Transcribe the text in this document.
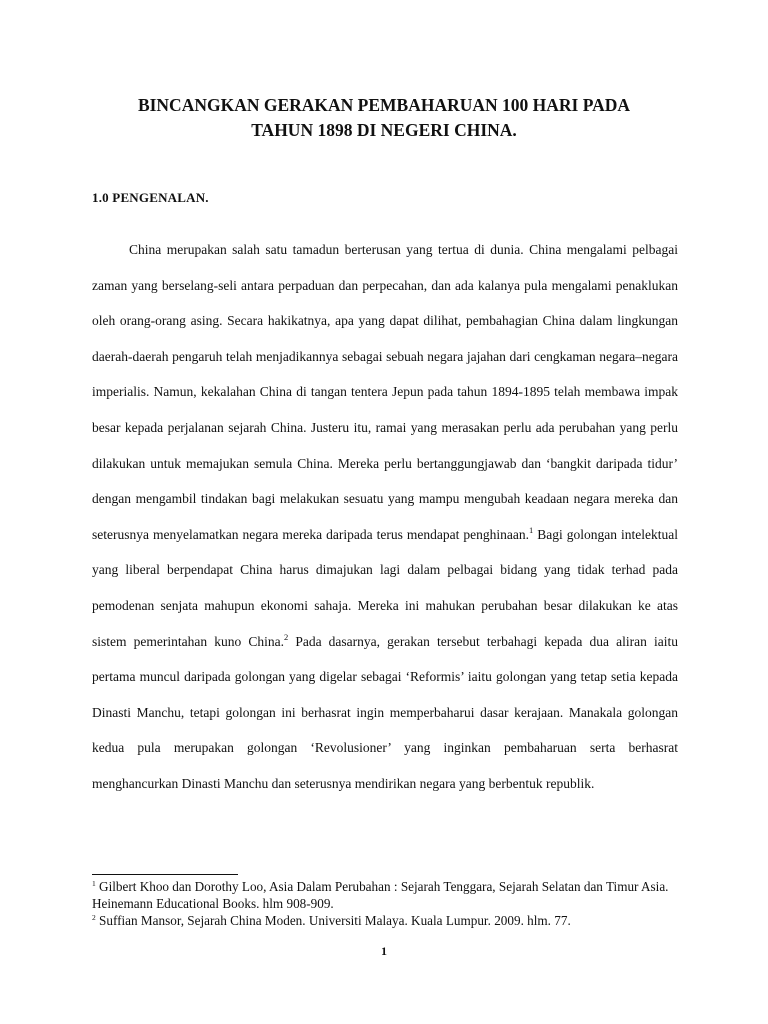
BINCANGKAN GERAKAN PEMBAHARUAN 100 HARI PADA
TAHUN 1898 DI NEGERI CHINA.
1.0 PENGENALAN.

China merupakan salah satu tamadun berterusan yang tertua di dunia. China mengalami pelbagai zaman yang berselang-seli antara perpaduan dan perpecahan, dan ada kalanya pula mengalami penaklukan oleh orang-orang asing. Secara hakikatnya, apa yang dapat dilihat, pembahagian China dalam lingkungan daerah-daerah pengaruh telah menjadikannya sebagai sebuah negara jajahan dari cengkaman negara–negara imperialis. Namun, kekalahan China di tangan tentera Jepun pada tahun 1894-1895 telah membawa impak besar kepada perjalanan sejarah China. Justeru itu, ramai yang merasakan perlu ada perubahan yang perlu dilakukan untuk memajukan semula China. Mereka perlu bertanggungjawab dan ‘bangkit daripada tidur’ dengan mengambil tindakan bagi melakukan sesuatu yang mampu mengubah keadaan negara mereka dan seterusnya menyelamatkan negara mereka daripada terus mendapat penghinaan.$^1$ Bagi golongan intelektual yang liberal berpendapat China harus dimajukan lagi dalam pelbagai bidang yang tidak terhad pada pemodenan senjata mahupun ekonomi sahaja. Mereka ini mahukan perubahan besar dilakukan ke atas sistem pemerintahan kuno China.$^2$ Pada dasarnya, gerakan tersebut terbahagi kepada dua aliran iaitu pertama muncul daripada golongan yang digelar sebagai ‘Reformis’ iaitu golongan yang tetap setia kepada Dinasti Manchu, tetapi golongan ini berhasrat ingin memperbaharui dasar kerajaan. Manakala golongan kedua pula merupakan golongan ‘Revolusioner’ yang inginkan pembaharuan serta berhasrat menghancurkan Dinasti Manchu dan seterusnya mendirikan negara yang berbentuk republik.

$^1$ Gilbert Khoo dan Dorothy Loo, Asia Dalam Perubahan : Sejarah Tenggara, Sejarah Selatan dan Timur Asia. Heinemann Educational Books. hlm 908-909.

$^2$ Suffian Mansor, Sejarah China Moden. Universiti Malaya. Kuala Lumpur. 2009. hlm. 77.

1
